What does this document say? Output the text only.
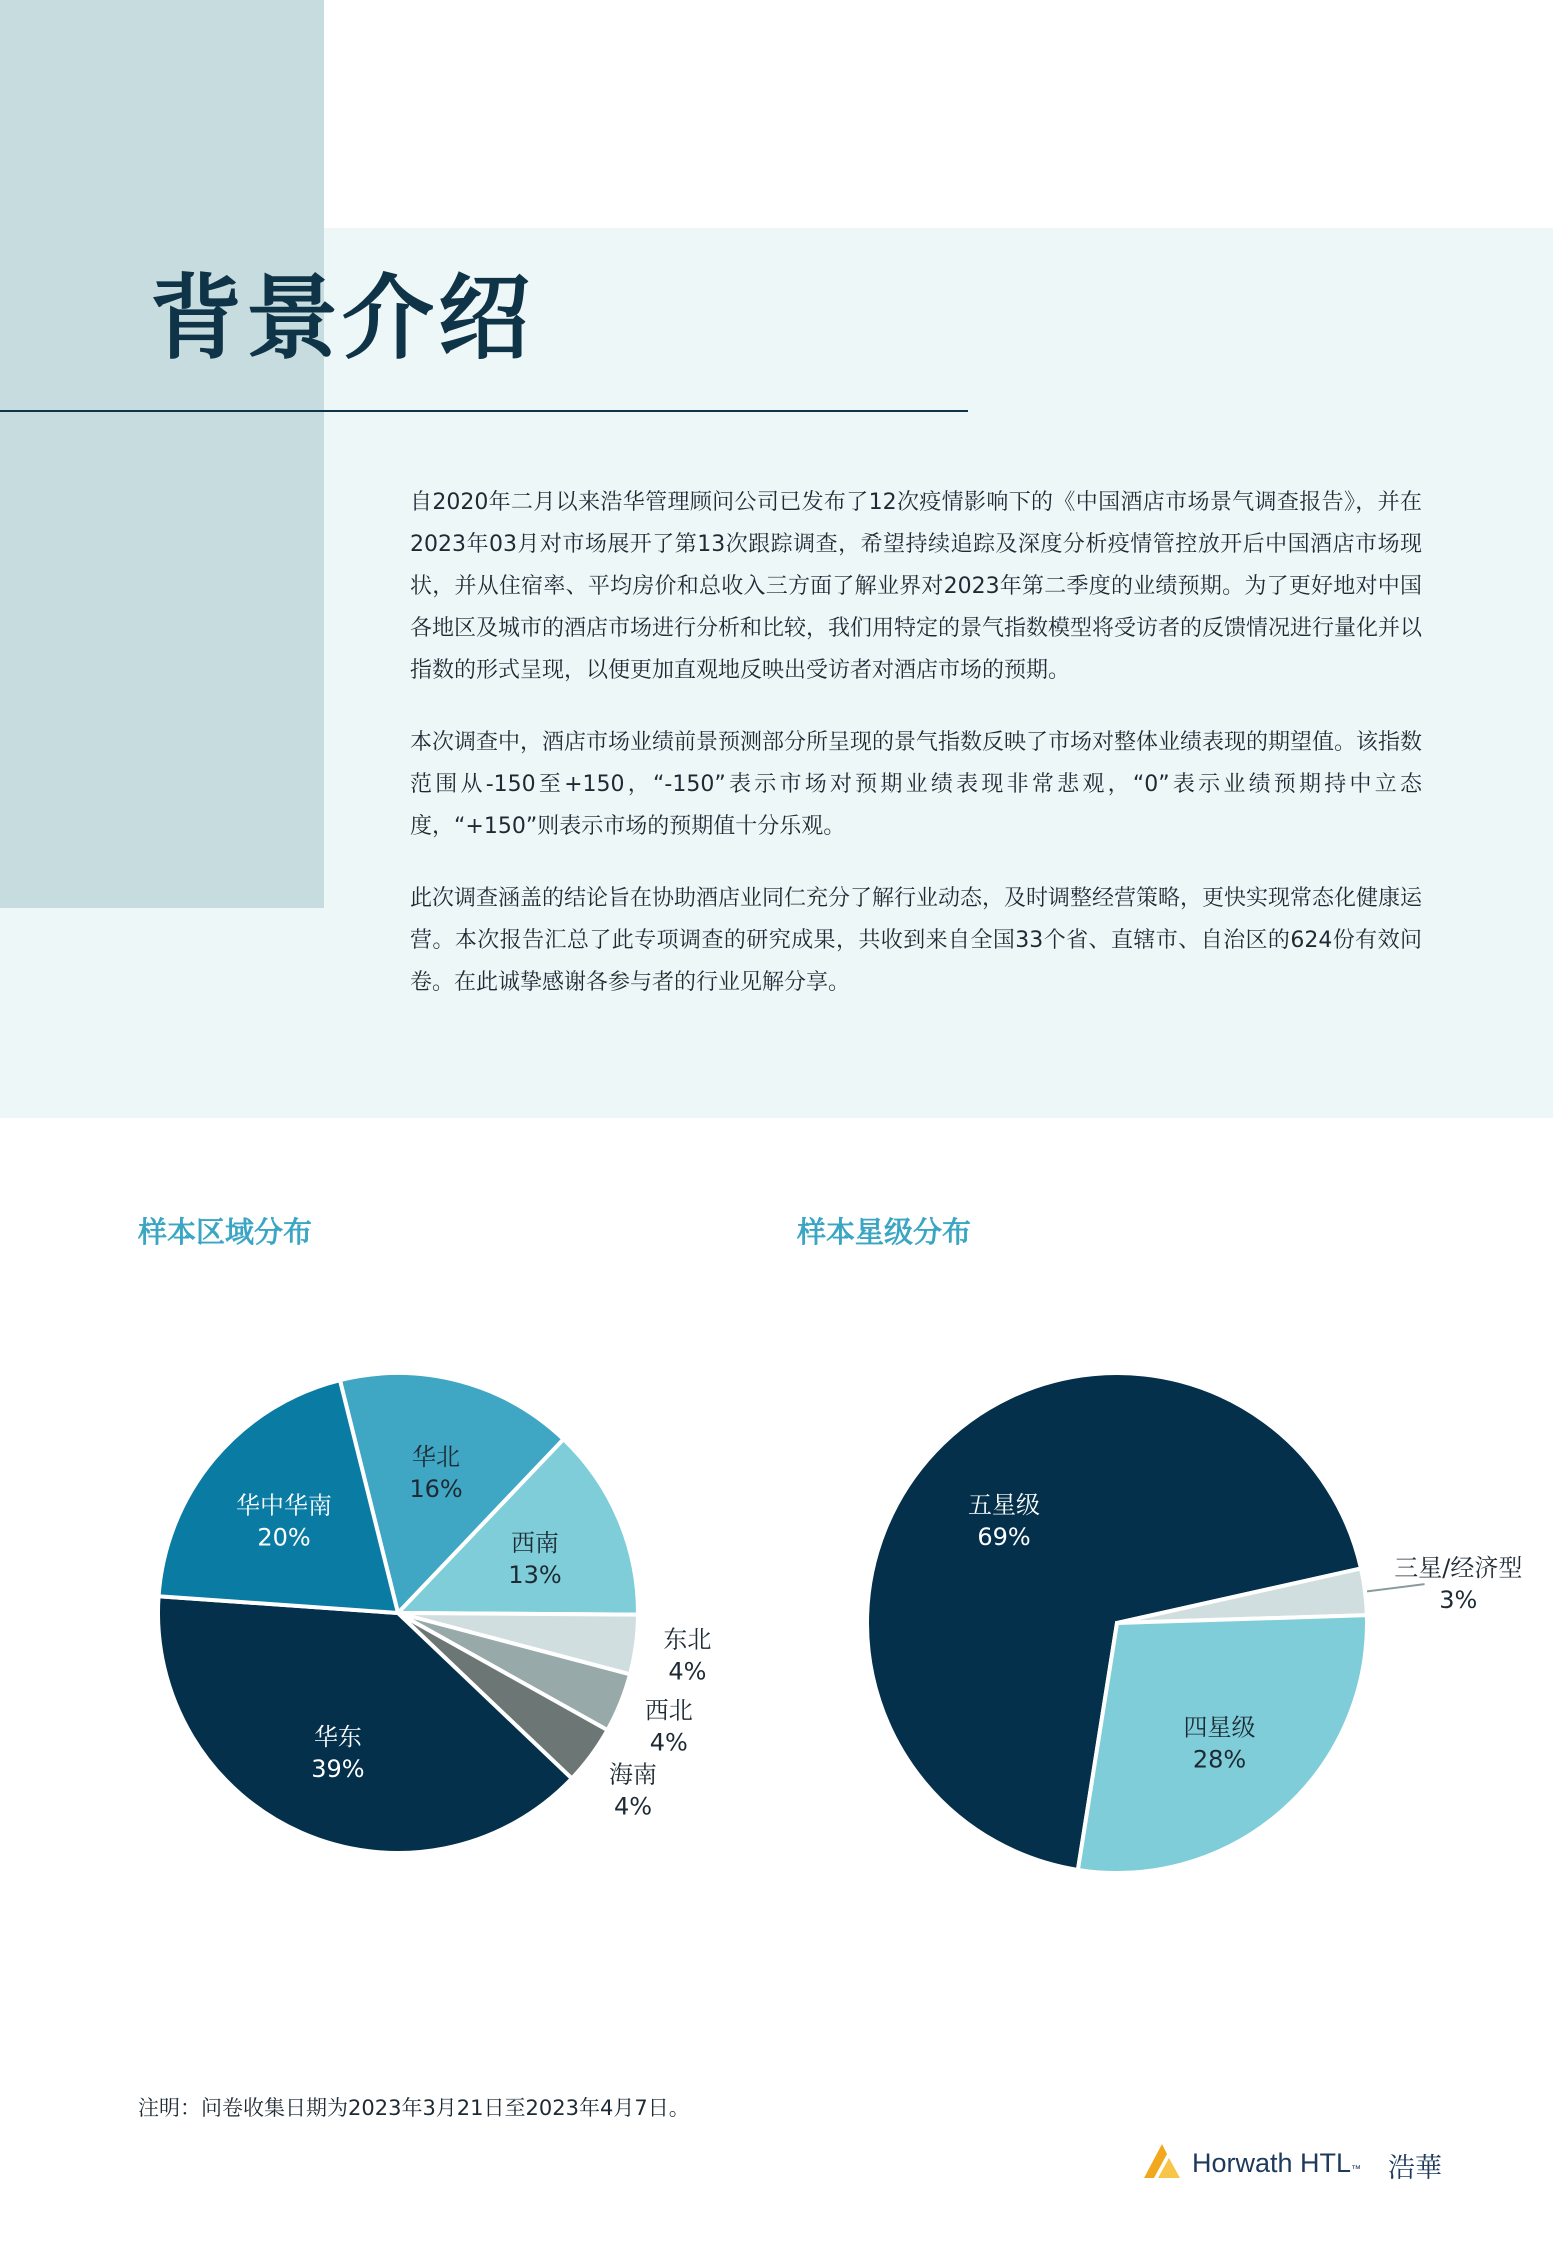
背景介绍

自2020年二月以来浩华管理顾问公司已发布了12次疫情影响下的《中国酒店市场景气调查报告》，并在2023年03月对市场展开了第13次跟踪调查，希望持续追踪及深度分析疫情管控放开后中国酒店市场现状，并从住宿率、平均房价和总收入三方面了解业界对2023年第二季度的业绩预期。为了更好地对中国各地区及城市的酒店市场进行分析和比较，我们用特定的景气指数模型将受访者的反馈情况进行量化并以指数的形式呈现，以便更加直观地反映出受访者对酒店市场的预期。

本次调查中，酒店市场业绩前景预测部分所呈现的景气指数反映了市场对整体业绩表现的期望值。该指数范围从-150至+150，“-150”表示市场对预期业绩表现非常悲观，“0”表示业绩预期持中立态度，“+150”则表示市场的预期值十分乐观。

此次调查涵盖的结论旨在协助酒店业同仁充分了解行业动态，及时调整经营策略，更快实现常态化健康运营。本次报告汇总了此专项调查的研究成果，共收到来自全国33个省、直辖市、自治区的624份有效问卷。在此诚挚感谢各参与者的行业见解分享。

样本区域分布	样本星级分布
华北
16%
西南
13%
东北
4%
西北
4%
海南
4%
华东
39%
华中华南
20%
五星级
69%
三星/经济型
3%
四星级
28%
注明：问卷收集日期为2023年3月21日至2023年4月7日。
Horwath HTL™ 浩華
